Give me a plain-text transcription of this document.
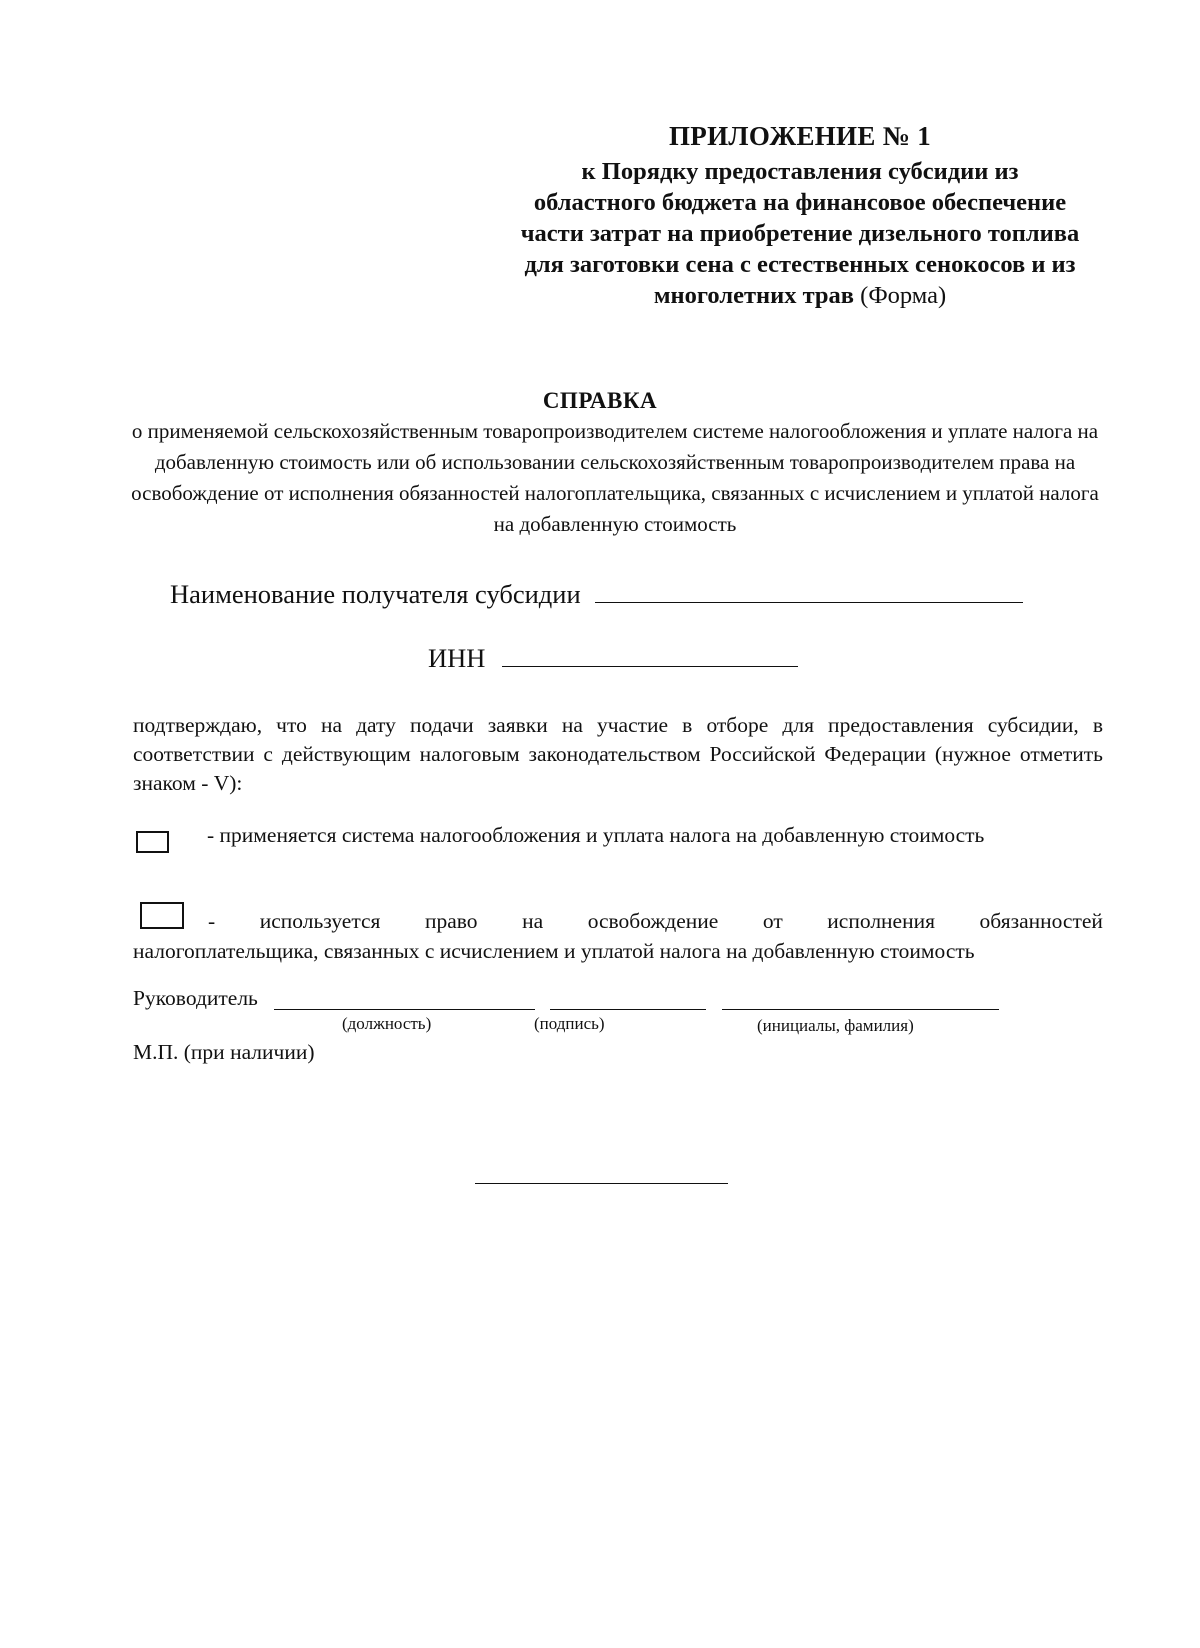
ПРИЛОЖЕНИЕ № 1
к Порядку предоставления субсидии из областного бюджета на финансовое обеспечение части затрат на приобретение дизельного топлива для заготовки сена с естественных сенокосов и из многолетних трав (Форма)
СПРАВКА
о применяемой сельскохозяйственным товаропроизводителем системе налогообложения и уплате налога на добавленную стоимость или об использовании сельскохозяйственным товаропроизводителем права на освобождение от исполнения обязанностей налогоплательщика, связанных с исчислением и уплатой налога на добавленную стоимость
Наименование получателя субсидии
ИНН
подтверждаю, что на дату подачи заявки на участие в отборе для предоставления субсидии, в соответствии с действующим налоговым законодательством Российской Федерации (нужное отметить знаком - V):
- применяется система налогообложения и уплата налога на добавленную стоимость
- используется право на освобождение от исполнения обязанностей
налогоплательщика, связанных с исчислением и уплатой налога на добавленную стоимость
Руководитель
(должность)	(подпись)	(инициалы, фамилия)
М.П. (при наличии)
